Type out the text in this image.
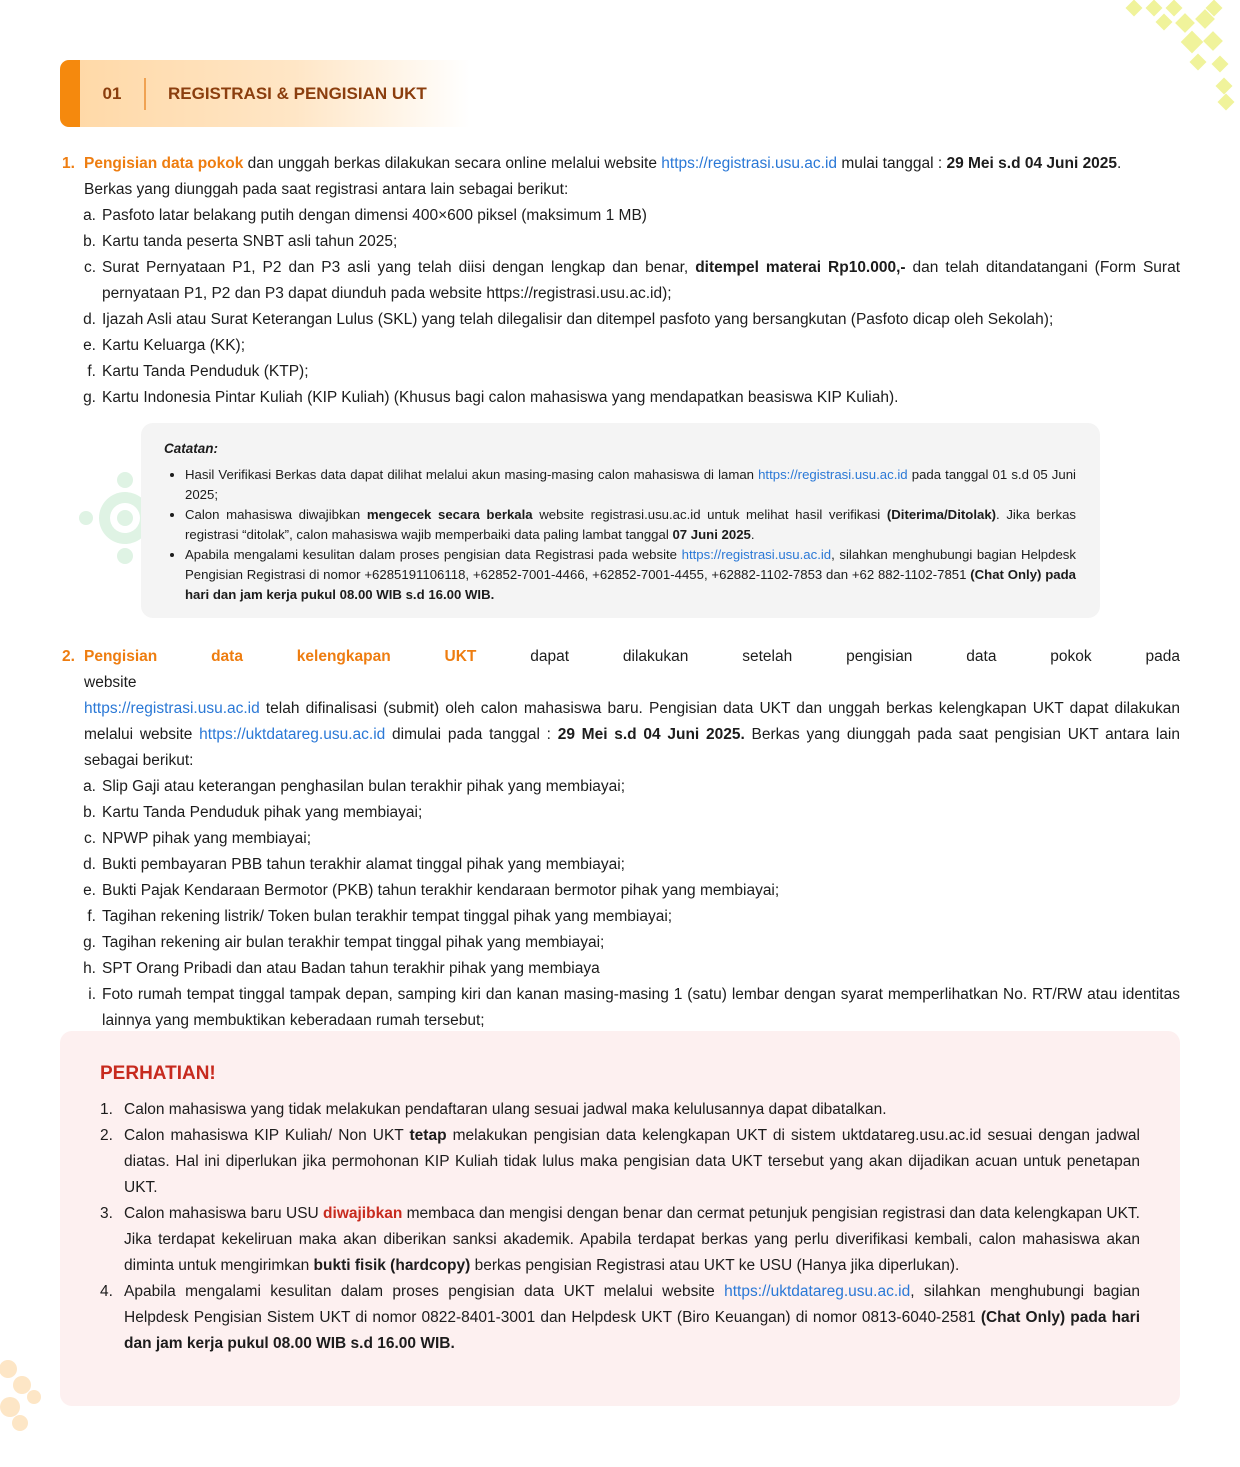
01	REGISTRASI & PENGISIAN UKT
1. Pengisian data pokok dan unggah berkas dilakukan secara online melalui website https://registrasi.usu.ac.id mulai tanggal : 29 Mei s.d 04 Juni 2025.
Berkas yang diunggah pada saat registrasi antara lain sebagai berikut:
a. Pasfoto latar belakang putih dengan dimensi 400×600 piksel (maksimum 1 MB)
b. Kartu tanda peserta SNBT asli tahun 2025;
c. Surat Pernyataan P1, P2 dan P3 asli yang telah diisi dengan lengkap dan benar, ditempel materai Rp10.000,- dan telah ditandatangani (Form Surat pernyataan P1, P2 dan P3 dapat diunduh pada website https://registrasi.usu.ac.id);
d. Ijazah Asli atau Surat Keterangan Lulus (SKL) yang telah dilegalisir dan ditempel pasfoto yang bersangkutan (Pasfoto dicap oleh Sekolah);
e. Kartu Keluarga (KK);
f. Kartu Tanda Penduduk (KTP);
g. Kartu Indonesia Pintar Kuliah (KIP Kuliah) (Khusus bagi calon mahasiswa yang mendapatkan beasiswa KIP Kuliah).
Catatan:
• Hasil Verifikasi Berkas data dapat dilihat melalui akun masing-masing calon mahasiswa di laman https://registrasi.usu.ac.id pada tanggal 01 s.d 05 Juni 2025;
• Calon mahasiswa diwajibkan mengecek secara berkala website registrasi.usu.ac.id untuk melihat hasil verifikasi (Diterima/Ditolak). Jika berkas registrasi “ditolak”, calon mahasiswa wajib memperbaiki data paling lambat tanggal 07 Juni 2025.
• Apabila mengalami kesulitan dalam proses pengisian data Registrasi pada website https://registrasi.usu.ac.id, silahkan menghubungi bagian Helpdesk Pengisian Registrasi di nomor +6285191106118, +62852-7001-4466, +62852-7001-4455, +62882-1102-7853 dan +62 882-1102-7851 (Chat Only) pada hari dan jam kerja pukul 08.00 WIB s.d 16.00 WIB.
2. Pengisian data kelengkapan UKT dapat dilakukan setelah pengisian data pokok pada website
https://registrasi.usu.ac.id telah difinalisasi (submit) oleh calon mahasiswa baru. Pengisian data UKT dan unggah berkas kelengkapan UKT dapat dilakukan melalui website https://uktdatareg.usu.ac.id dimulai pada tanggal : 29 Mei s.d 04 Juni 2025. Berkas yang diunggah pada saat pengisian UKT antara lain sebagai berikut:
a. Slip Gaji atau keterangan penghasilan bulan terakhir pihak yang membiayai;
b. Kartu Tanda Penduduk pihak yang membiayai;
c. NPWP pihak yang membiayai;
d. Bukti pembayaran PBB tahun terakhir alamat tinggal pihak yang membiayai;
e. Bukti Pajak Kendaraan Bermotor (PKB) tahun terakhir kendaraan bermotor pihak yang membiayai;
f. Tagihan rekening listrik/ Token bulan terakhir tempat tinggal pihak yang membiayai;
g. Tagihan rekening air bulan terakhir tempat tinggal pihak yang membiayai;
h. SPT Orang Pribadi dan atau Badan tahun terakhir pihak yang membiaya
i. Foto rumah tempat tinggal tampak depan, samping kiri dan kanan masing-masing 1 (satu) lembar dengan syarat memperlihatkan No. RT/RW atau identitas lainnya yang membuktikan keberadaan rumah tersebut;
PERHATIAN!
1. Calon mahasiswa yang tidak melakukan pendaftaran ulang sesuai jadwal maka kelulusannya dapat dibatalkan.
2. Calon mahasiswa KIP Kuliah/ Non UKT tetap melakukan pengisian data kelengkapan UKT di sistem uktdatareg.usu.ac.id sesuai dengan jadwal diatas. Hal ini diperlukan jika permohonan KIP Kuliah tidak lulus maka pengisian data UKT tersebut yang akan dijadikan acuan untuk penetapan UKT.
3. Calon mahasiswa baru USU diwajibkan membaca dan mengisi dengan benar dan cermat petunjuk pengisian registrasi dan data kelengkapan UKT. Jika terdapat kekeliruan maka akan diberikan sanksi akademik. Apabila terdapat berkas yang perlu diverifikasi kembali, calon mahasiswa akan diminta untuk mengirimkan bukti fisik (hardcopy) berkas pengisian Registrasi atau UKT ke USU (Hanya jika diperlukan).
4. Apabila mengalami kesulitan dalam proses pengisian data UKT melalui website https://uktdatareg.usu.ac.id, silahkan menghubungi bagian Helpdesk Pengisian Sistem UKT di nomor 0822-8401-3001 dan Helpdesk UKT (Biro Keuangan) di nomor 0813-6040-2581 (Chat Only) pada hari dan jam kerja pukul 08.00 WIB s.d 16.00 WIB.
